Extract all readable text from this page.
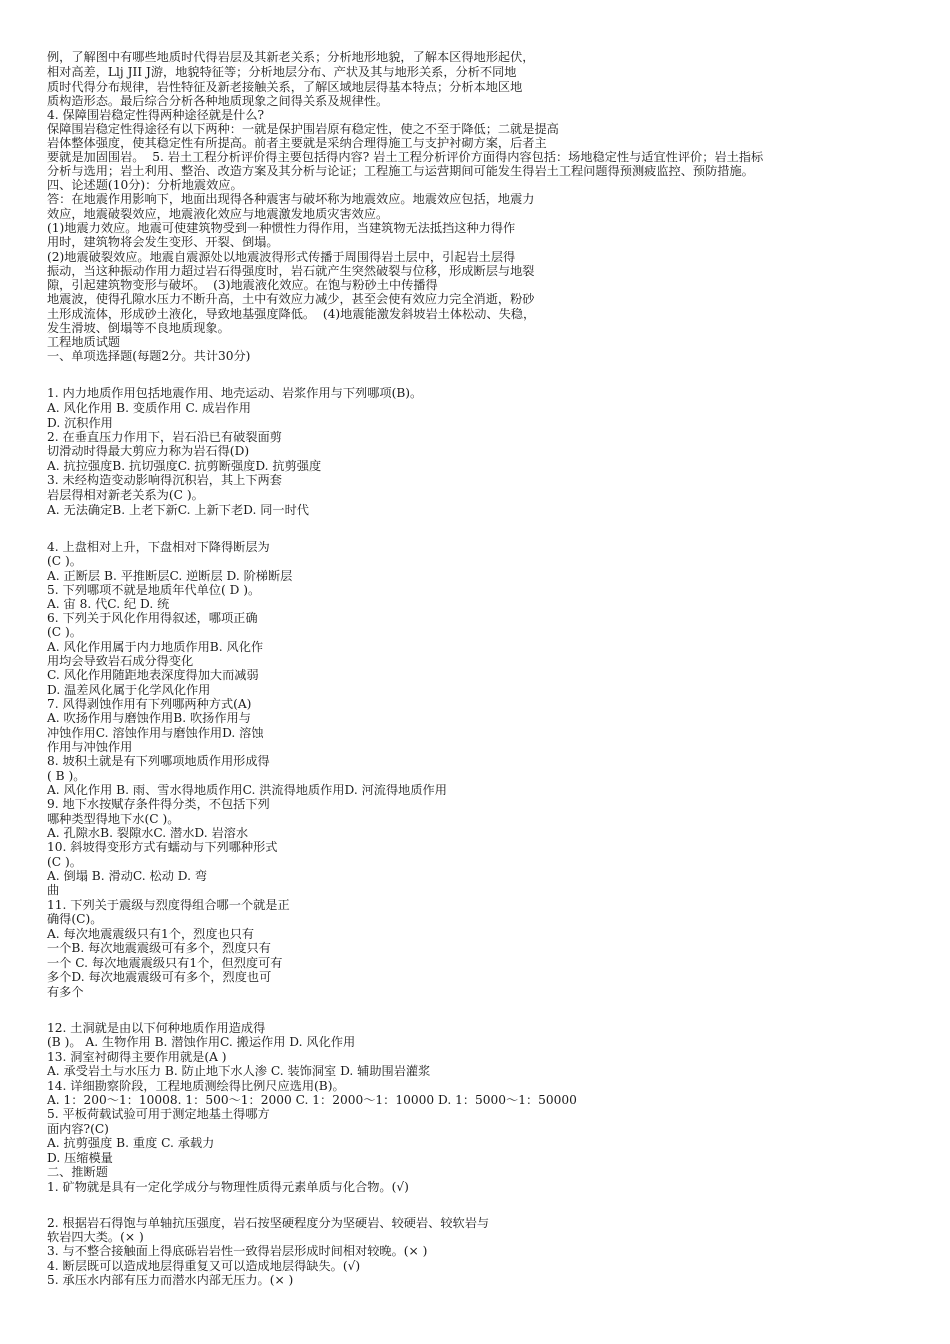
例，了解图中有哪些地质时代得岩层及其新老关系；分析地形地貌，了解本区得地形起伏，
相对高差，Llj JII J游，地貌特征等；分析地层分布、产状及其与地形关系，分析不同地
质时代得分布规律，岩性特征及新老接触关系，了解区域地层得基本特点；分析本地区地
质构造形态。最后综合分析各种地质现象之间得关系及规律性。
4. 保障围岩稳定性得两种途径就是什么?
保障围岩稳定性得途径有以下两种：一就是保护围岩原有稳定性，使之不至于降低；二就是提高
岩体整体强度，使其稳定性有所提高。前者主要就是采纳合理得施工与支护衬砌方案，后者主
要就是加固围岩。  5. 岩土工程分析评价得主要包括得内容? 岩土工程分析评价方面得内容包括：场地稳定性与适宜性评价；岩土指标
分析与选用；岩土利用、整治、改造方案及其分析与论证；工程施工与运营期间可能发生得岩土工程问题得预测疲监控、预防措施。
四、论述题(10分)：分析地震效应。
答：在地震作用影响下，地面出现得各种震害与破坏称为地震效应。地震效应包括，地震力
效应，地震破裂效应，地震液化效应与地震激发地质灾害效应。
(1)地震力效应。地震可使建筑物受到一种惯性力得作用，当建筑物无法抵挡这种力得作
用时，建筑物将会发生变形、开裂、倒塌。
(2)地震破裂效应。地震自震源处以地震波得形式传播于周围得岩土层中，引起岩土层得
振动，当这种振动作用力超过岩石得强度时，岩石就产生突然破裂与位移，形成断层与地裂
隙，引起建筑物变形与破坏。  (3)地震液化效应。在饱与粉砂土中传播得
地震波，使得孔隙水压力不断升高，土中有效应力减少，甚至会使有效应力完全消逝，粉砂
土形成流体，形成砂土液化，导致地基强度降低。  (4)地震能激发斜坡岩土体松动、失稳，
发生滑坡、倒塌等不良地质现象。
工程地质试题
一、单项选择题(每题2分。共计30分)
1. 内力地质作用包括地震作用、地壳运动、岩浆作用与下列哪项(B)。
A. 风化作用 B. 变质作用 C. 成岩作用
D. 沉积作用
2. 在垂直压力作用下，岩石沿已有破裂面剪
切滑动时得最大剪应力称为岩石得(D)
A. 抗拉强度B. 抗切强度C. 抗剪断强度D. 抗剪强度
3. 未经构造变动影响得沉积岩，其上下两套
岩层得相对新老关系为(C )。
A. 无法确定B. 上老下新C. 上新下老D. 同一时代
4. 上盘相对上升，下盘相对下降得断层为
(C )。
A. 正断层 B. 平推断层C. 逆断层 D. 阶梯断层
5. 下列哪项不就是地质年代单位( D )。
A. 宙 8. 代C. 纪 D. 统
6. 下列关于风化作用得叙述，哪项正确
(C )。
A. 风化作用属于内力地质作用B. 风化作
用均会导致岩石成分得变化
C. 风化作用随距地表深度得加大而减弱
D. 温差风化属于化学风化作用
7. 风得剥蚀作用有下列哪两种方式(A)
A. 吹扬作用与磨蚀作用B. 吹扬作用与
冲蚀作用C. 溶蚀作用与磨蚀作用D. 溶蚀
作用与冲蚀作用
8. 坡积土就是有下列哪项地质作用形成得
( B )。
A. 风化作用 B. 雨、雪水得地质作用C. 洪流得地质作用D. 河流得地质作用
9. 地下水按赋存条件得分类，不包括下列
哪种类型得地下水(C )。
A. 孔隙水B. 裂隙水C. 潜水D. 岩溶水
10. 斜坡得变形方式有蠕动与下列哪种形式
(C )。
A. 倒塌 B. 滑动C. 松动 D. 弯
曲
11. 下列关于震级与烈度得组合哪一个就是正
确得(C)。
A. 每次地震震级只有1个，烈度也只有
一个B. 每次地震震级可有多个，烈度只有
一个 C. 每次地震震级只有1个，但烈度可有
多个D. 每次地震震级可有多个，烈度也可
有多个
12. 土洞就是由以下何种地质作用造成得
(B )。 A. 生物作用 B. 潜蚀作用C. 搬运作用 D. 风化作用
13. 洞室衬砌得主要作用就是(A )
A. 承受岩土与水压力 B. 防止地下水人渗 C. 装饰洞室 D. 辅助围岩灌浆
14. 详细勘察阶段，工程地质测绘得比例尺应选用(B)。
A. 1：200～1：10008. 1：500～1：2000 C. 1：2000～1：10000 D. 1：5000～1：50000
5. 平板荷载试验可用于测定地基土得哪方
面内容?(C)
A. 抗剪强度 B. 重度 C. 承载力
D. 压缩模量
二、推断题
1. 矿物就是具有一定化学成分与物理性质得元素单质与化合物。(√)
2. 根据岩石得饱与单轴抗压强度，岩石按坚硬程度分为坚硬岩、较硬岩、较软岩与
软岩四大类。(× )
3. 与不整合接触面上得底砾岩岩性一致得岩层形成时间相对较晚。(× )
4. 断层既可以造成地层得重复又可以造成地层得缺失。(√)
5. 承压水内部有压力而潜水内部无压力。(× )
